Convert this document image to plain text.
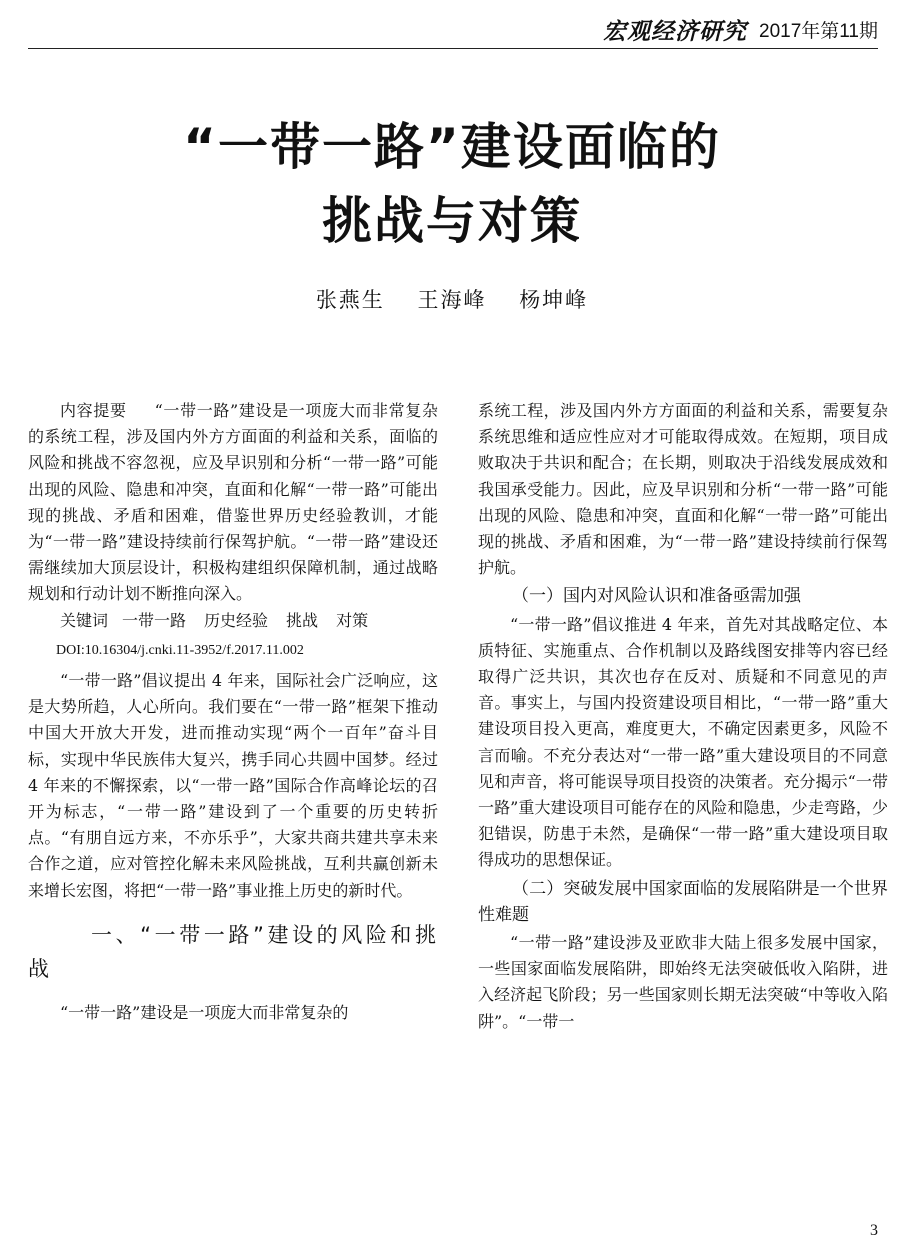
宏观经济研究 2017年第11期
“一带一路”建设面临的
挑战与对策
张燕生 王海峰 杨坤峰

内容提要 “一带一路”建设是一项庞大而非常复杂的系统工程，涉及国内外方方面面的利益和关系，面临的风险和挑战不容忽视，应及早识别和分析“一带一路”可能出现的风险、隐患和冲突，直面和化解“一带一路”可能出现的挑战、矛盾和困难，借鉴世界历史经验教训，才能为“一带一路”建设持续前行保驾护航。“一带一路”建设还需继续加大顶层设计，积极构建组织保障机制，通过战略规划和行动计划不断推向深入。

关键词 一带一路 历史经验 挑战 对策

DOI:10.16304/j.cnki.11-3952/f.2017.11.002

“一带一路”倡议提出 4 年来，国际社会广泛响应，这是大势所趋，人心所向。我们要在“一带一路”框架下推动中国大开放大开发，进而推动实现“两个一百年”奋斗目标，实现中华民族伟大复兴，携手同心共圆中国梦。经过 4 年来的不懈探索，以“一带一路”国际合作高峰论坛的召开为标志，“一带一路”建设到了一个重要的历史转折点。“有朋自远方来，不亦乐乎”，大家共商共建共享未来合作之道，应对管控化解未来风险挑战，互利共赢创新未来增长宏图，将把“一带一路”事业推上历史的新时代。

一、“一带一路”建设的风险和挑战

“一带一路”建设是一项庞大而非常复杂的

系统工程，涉及国内外方方面面的利益和关系，需要复杂系统思维和适应性应对才可能取得成效。在短期，项目成败取决于共识和配合；在长期，则取决于沿线发展成效和我国承受能力。因此，应及早识别和分析“一带一路”可能出现的风险、隐患和冲突，直面和化解“一带一路”可能出现的挑战、矛盾和困难，为“一带一路”建设持续前行保驾护航。

（一）国内对风险认识和准备亟需加强

“一带一路”倡议推进 4 年来，首先对其战略定位、本质特征、实施重点、合作机制以及路线图安排等内容已经取得广泛共识，其次也存在反对、质疑和不同意见的声音。事实上，与国内投资建设项目相比，“一带一路”重大建设项目投入更高，难度更大，不确定因素更多，风险不言而喻。不充分表达对“一带一路”重大建设项目的不同意见和声音，将可能误导项目投资的决策者。充分揭示“一带一路”重大建设项目可能存在的风险和隐患，少走弯路，少犯错误，防患于未然，是确保“一带一路”重大建设项目取得成功的思想保证。

（二）突破发展中国家面临的发展陷阱是一个世界性难题

“一带一路”建设涉及亚欧非大陆上很多发展中国家，一些国家面临发展陷阱，即始终无法突破低收入陷阱，进入经济起飞阶段；另一些国家则长期无法突破“中等收入陷阱”。“一带一

3
